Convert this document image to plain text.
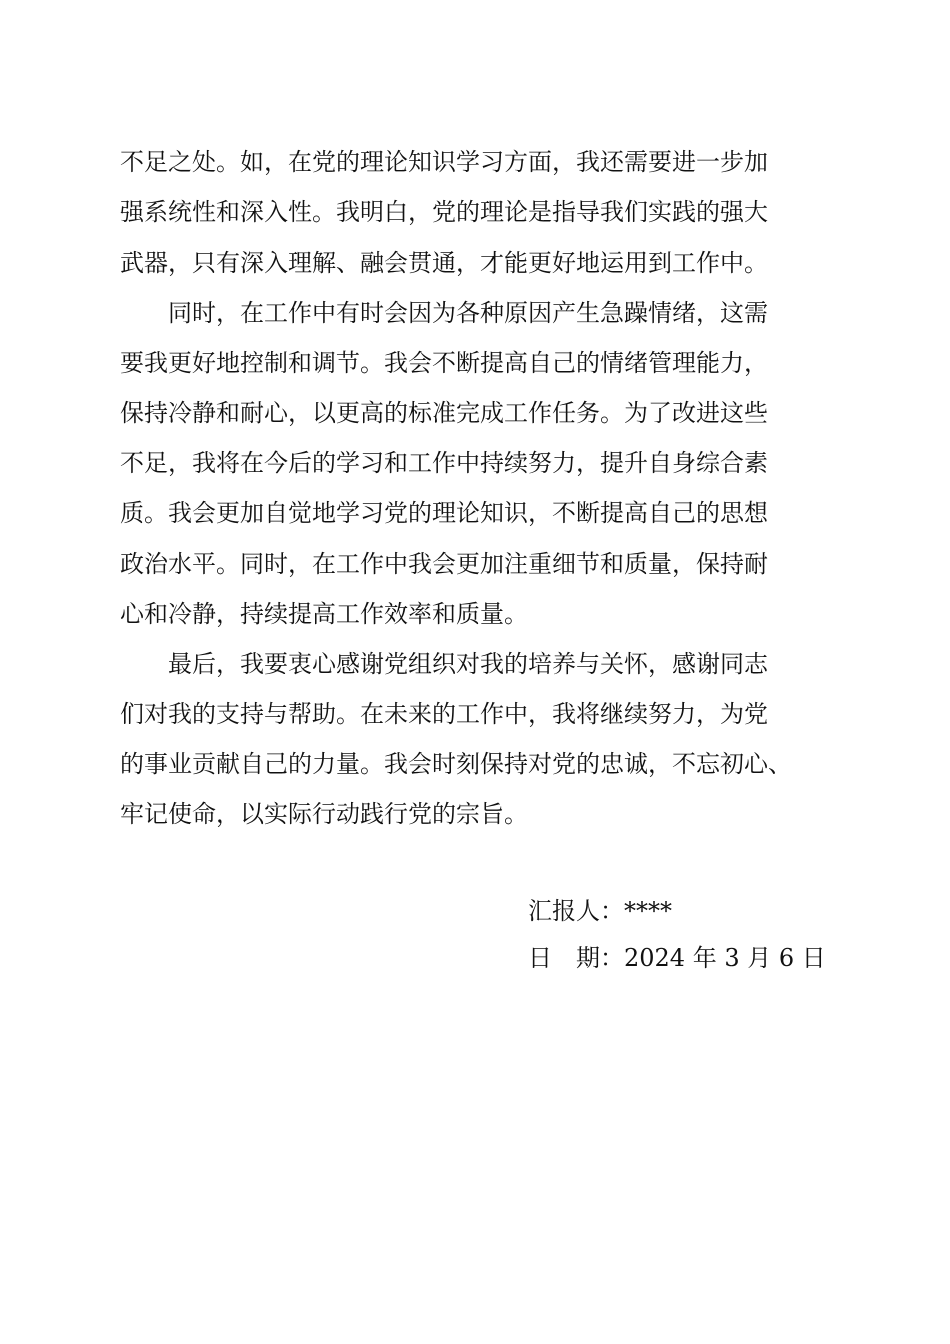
不足之处。如，在党的理论知识学习方面，我还需要进一步加
强系统性和深入性。我明白，党的理论是指导我们实践的强大
武器，只有深入理解、融会贯通，才能更好地运用到工作中。
同时，在工作中有时会因为各种原因产生急躁情绪，这需
要我更好地控制和调节。我会不断提高自己的情绪管理能力，
保持冷静和耐心，以更高的标准完成工作任务。为了改进这些
不足，我将在今后的学习和工作中持续努力，提升自身综合素
质。我会更加自觉地学习党的理论知识，不断提高自己的思想
政治水平。同时，在工作中我会更加注重细节和质量，保持耐
心和冷静，持续提高工作效率和质量。
最后，我要衷心感谢党组织对我的培养与关怀，感谢同志
们对我的支持与帮助。在未来的工作中，我将继续努力，为党
的事业贡献自己的力量。我会时刻保持对党的忠诚，不忘初心、
牢记使命，以实际行动践行党的宗旨。
汇报人：****
日　期：2024 年 3 月 6 日
